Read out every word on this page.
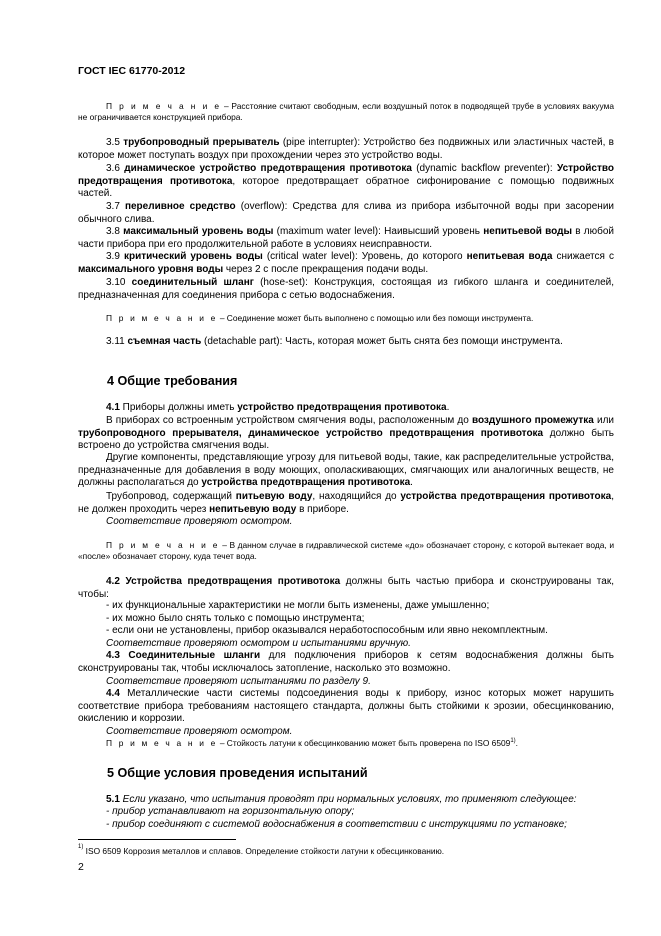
ГОСТ IEC 61770-2012
П р и м е ч а н и е – Расстояние считают свободным, если воздушный поток в подводящей трубе в условиях вакуума не ограничивается конструкцией прибора.
3.5 трубопроводный прерыватель (pipe interrupter): Устройство без подвижных или эластичных частей, в которое может поступать воздух при прохождении через это устройство воды.
3.6 динамическое устройство предотвращения противотока (dynamic backflow preventer): Устройство предотвращения противотока, которое предотвращает обратное сифонирование с помощью подвижных частей.
3.7 переливное средство (overflow): Средства для слива из прибора избыточной воды при засорении обычного слива.
3.8 максимальный уровень воды (maximum water level): Наивысший уровень непитьевой воды в любой части прибора при его продолжительной работе в условиях неисправности.
3.9 критический уровень воды (critical water level): Уровень, до которого непитьевая вода снижается с максимального уровня воды через 2 с после прекращения подачи воды.
3.10 соединительный шланг (hose-set): Конструкция, состоящая из гибкого шланга и соединителей, предназначенная для соединения прибора с сетью водоснабжения.
П р и м е ч а н и е – Соединение может быть выполнено с помощью или без помощи инструмента.
3.11 съемная часть (detachable part): Часть, которая может быть снята без помощи инструмента.
4 Общие требования
4.1 Приборы должны иметь устройство предотвращения противотока.
В приборах со встроенным устройством смягчения воды, расположенным до воздушного промежутка или трубопроводного прерывателя, динамическое устройство предотвращения противотока должно быть встроено до устройства смягчения воды.
Другие компоненты, представляющие угрозу для питьевой воды, такие, как распределительные устройства, предназначенные для добавления в воду моющих, ополаскивающих, смягчающих или аналогичных веществ, не должны располагаться до устройства предотвращения противотока.
Трубопровод, содержащий питьевую воду, находящийся до устройства предотвращения противотока, не должен проходить через непитьевую воду в приборе.
Соответствие проверяют осмотром.
П р и м е ч а н и е – В данном случае в гидравлической системе «до» обозначает сторону, с которой вытекает вода, и «после» обозначает сторону, куда течет вода.
4.2 Устройства предотвращения противотока должны быть частью прибора и сконструированы так, чтобы:
- их функциональные характеристики не могли быть изменены, даже умышленно;
- их можно было снять только с помощью инструмента;
- если они не установлены, прибор оказывался неработоспособным или явно некомплектным.
Соответствие проверяют осмотром и испытаниями вручную.
4.3 Соединительные шланги для подключения приборов к сетям водоснабжения должны быть сконструированы так, чтобы исключалось затопление, насколько это возможно.
Соответствие проверяют испытаниями по разделу 9.
4.4 Металлические части системы подсоединения воды к прибору, износ которых может нарушить соответствие прибора требованиям настоящего стандарта, должны быть стойкими к эрозии, обесцинкованию, окислению и коррозии.
Соответствие проверяют осмотром.
П р и м е ч а н и е – Стойкость латуни к обесцинкованию может быть проверена по ISO 6509$^{1)}$.
5 Общие условия проведения испытаний
5.1 Если указано, что испытания проводят при нормальных условиях, то применяют следующее:
- прибор устанавливают на горизонтальную опору;
- прибор соединяют с системой водоснабжения в соответствии с инструкциями по установке;
$^{1)}$ ISO 6509 Коррозия металлов и сплавов. Определение стойкости латуни к обесцинкованию.
2
